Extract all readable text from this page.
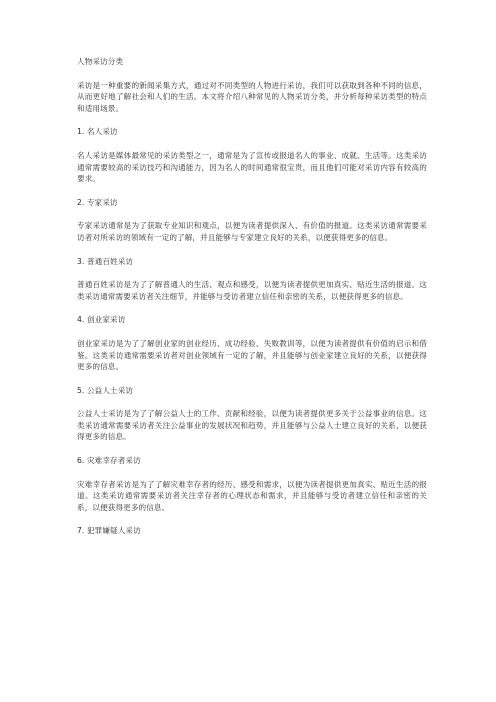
人物采访分类

采访是一种重要的新闻采集方式，通过对不同类型的人物进行采访，我们可以获取到各种不同的信息，从而更好地了解社会和人们的生活。本文将介绍八种常见的人物采访分类，并分析每种采访类型的特点和适用场景。

1. 名人采访

名人采访是媒体最常见的采访类型之一，通常是为了宣传或报道名人的事业、成就、生活等。这类采访通常需要较高的采访技巧和沟通能力，因为名人的时间通常很宝贵，而且他们可能对采访内容有较高的要求。

2. 专家采访

专家采访通常是为了获取专业知识和观点，以便为读者提供深入、有价值的报道。这类采访通常需要采访者对所采访的领域有一定的了解，并且能够与专家建立良好的关系，以便获得更多的信息。

3. 普通百姓采访

普通百姓采访是为了了解普通人的生活、观点和感受，以便为读者提供更加真实、贴近生活的报道。这类采访通常需要采访者关注细节，并能够与受访者建立信任和亲密的关系，以便获得更多的信息。

4. 创业家采访

创业家采访是为了了解创业家的创业经历、成功经验、失败教训等，以便为读者提供有价值的启示和借鉴。这类采访通常需要采访者对创业领域有一定的了解，并且能够与创业家建立良好的关系，以便获得更多的信息。

5. 公益人士采访

公益人士采访是为了了解公益人士的工作、贡献和经验，以便为读者提供更多关于公益事业的信息。这类采访通常需要采访者关注公益事业的发展状况和趋势，并且能够与公益人士建立良好的关系，以便获得更多的信息。

6. 灾难幸存者采访

灾难幸存者采访是为了了解灾难幸存者的经历、感受和需求，以便为读者提供更加真实、贴近生活的报道。这类采访通常需要采访者关注幸存者的心理状态和需求，并且能够与受访者建立信任和亲密的关系，以便获得更多的信息。

7. 犯罪嫌疑人采访
